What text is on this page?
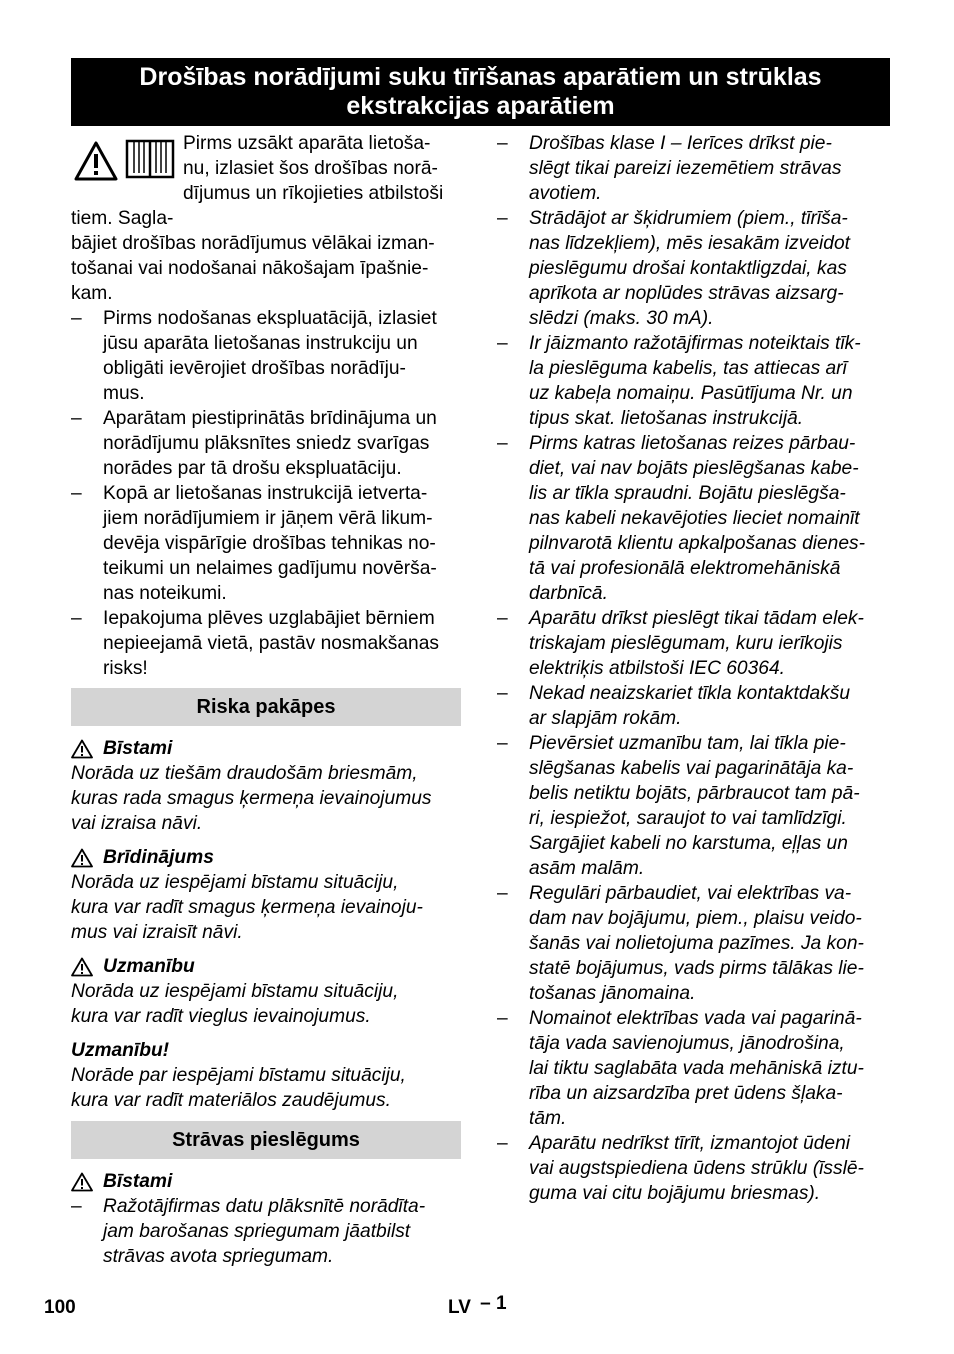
Drošības norādījumi suku tīrīšanas aparātiem un strūklas
ekstrakcijas aparātiem
Pirms uzsākt aparāta lietoša-
nu, izlasiet šos drošības norā-
dījumus un rīkojieties atbilstoši tiem. Sagla-
bājiet drošības norādījumus vēlākai izman-
tošanai vai nodošanai nākošajam īpašnie-
kam.
– Pirms nodošanas ekspluatācijā, izlasiet
jūsu aparāta lietošanas instrukciju un
obligāti ievērojiet drošības norādīju-
mus.
– Aparātam piestiprinātās brīdinājuma un
norādījumu plāksnītes sniedz svarīgas
norādes par tā drošu ekspluatāciju.
– Kopā ar lietošanas instrukcijā ietverta-
jiem norādījumiem ir jāņem vērā likum-
devēja vispārīgie drošības tehnikas no-
teikumi un nelaimes gadījumu novērša-
nas noteikumi.
– Iepakojuma plēves uzglabājiet bērniem
nepieejamā vietā, pastāv nosmakšanas
risks!
Riska pakāpes

Bīstami

Norāda uz tiešām draudošām briesmām,
kuras rada smagus ķermeņa ievainojumus
vai izraisa nāvi.

Brīdinājums

Norāda uz iespējami bīstamu situāciju,
kura var radīt smagus ķermeņa ievainoju-
mus vai izraisīt nāvi.

Uzmanību

Norāda uz iespējami bīstamu situāciju,
kura var radīt vieglus ievainojumus.

Uzmanību!

Norāde par iespējami bīstamu situāciju,
kura var radīt materiālos zaudējumus.
Strāvas pieslēgums

Bīstami

– Ražotājfirmas datu plāksnītē norādīta-
jam barošanas spriegumam jāatbilst
strāvas avota spriegumam.
– Drošības klase I – Ierīces drīkst pie-
slēgt tikai pareizi iezemētiem strāvas
avotiem.
– Strādājot ar šķidrumiem (piem., tīrīša-
nas līdzekļiem), mēs iesakām izveidot
pieslēgumu drošai kontaktligzdai, kas
aprīkota ar noplūdes strāvas aizsarg-
slēdzi (maks. 30 mA).
– Ir jāizmanto ražotājfirmas noteiktais tīk-
la pieslēguma kabelis, tas attiecas arī
uz kabeļa nomaiņu. Pasūtījuma Nr. un
tipus skat. lietošanas instrukcijā.
– Pirms katras lietošanas reizes pārbau-
diet, vai nav bojāts pieslēgšanas kabe-
lis ar tīkla spraudni. Bojātu pieslēgša-
nas kabeli nekavējoties lieciet nomainīt
pilnvarotā klientu apkalpošanas dienes-
tā vai profesionālā elektromehāniskā
darbnīcā.
– Aparātu drīkst pieslēgt tikai tādam elek-
triskajam pieslēgumam, kuru ierīkojis
elektriķis atbilstoši IEC 60364.
– Nekad neaizskariet tīkla kontaktdakšu
ar slapjām rokām.
– Pievērsiet uzmanību tam, lai tīkla pie-
slēgšanas kabelis vai pagarinātāja ka-
belis netiktu bojāts, pārbraucot tam pā-
ri, iespiežot, saraujot to vai tamlīdzīgi.
Sargājiet kabeli no karstuma, eļļas un
asām malām.
– Regulāri pārbaudiet, vai elektrības va-
dam nav bojājumu, piem., plaisu veido-
šanās vai nolietojuma pazīmes. Ja kon-
statē bojājumus, vads pirms tālākas lie-
tošanas jānomaina.
– Nomainot elektrības vada vai pagarinā-
tāja vada savienojumus, jānodrošina,
lai tiktu saglabāta vada mehāniskā iztu-
rība un aizsardzība pret ūdens šļaka-
tām.
– Aparātu nedrīkst tīrīt, izmantojot ūdeni
vai augstspiediena ūdens strūklu (īsslē-
guma vai citu bojājumu briesmas).
100	LV – 1
